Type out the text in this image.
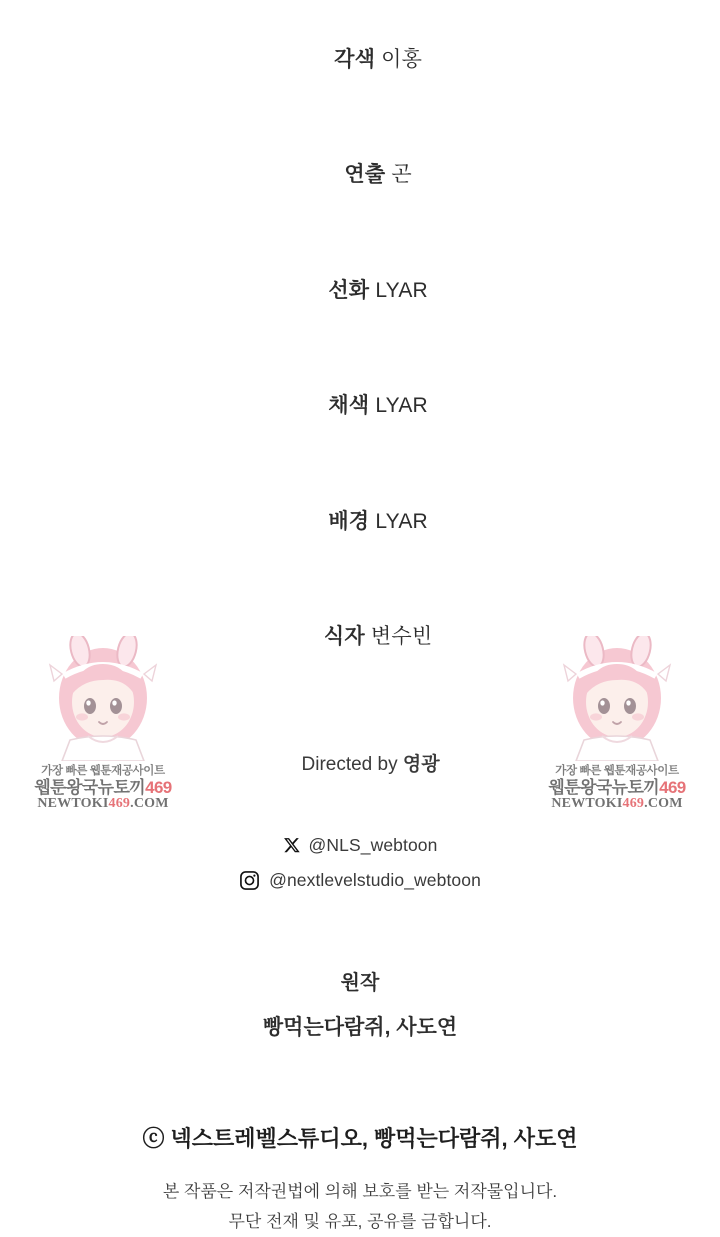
각색 이홍

연출 곤

선화 LYAR

채색 LYAR

배경 LYAR

식자 변수빈

Directed by 영광

@NLS_webtoon
@nextlevelstudio_webtoon
원작
빵먹는다람쥐, 사도연
ⓒ 넥스트레벨스튜디오, 빵먹는다람쥐, 사도연
본 작품은 저작권법에 의해 보호를 받는 저작물입니다.
무단 전재 및 유포, 공유를 금합니다.
가장 빠른 웹툰재공사이트
웹툰왕국뉴토끼469
NEWTOKI469.COM
가장 빠른 웹툰재공사이트
웹툰왕국뉴토끼469
NEWTOKI469.COM
